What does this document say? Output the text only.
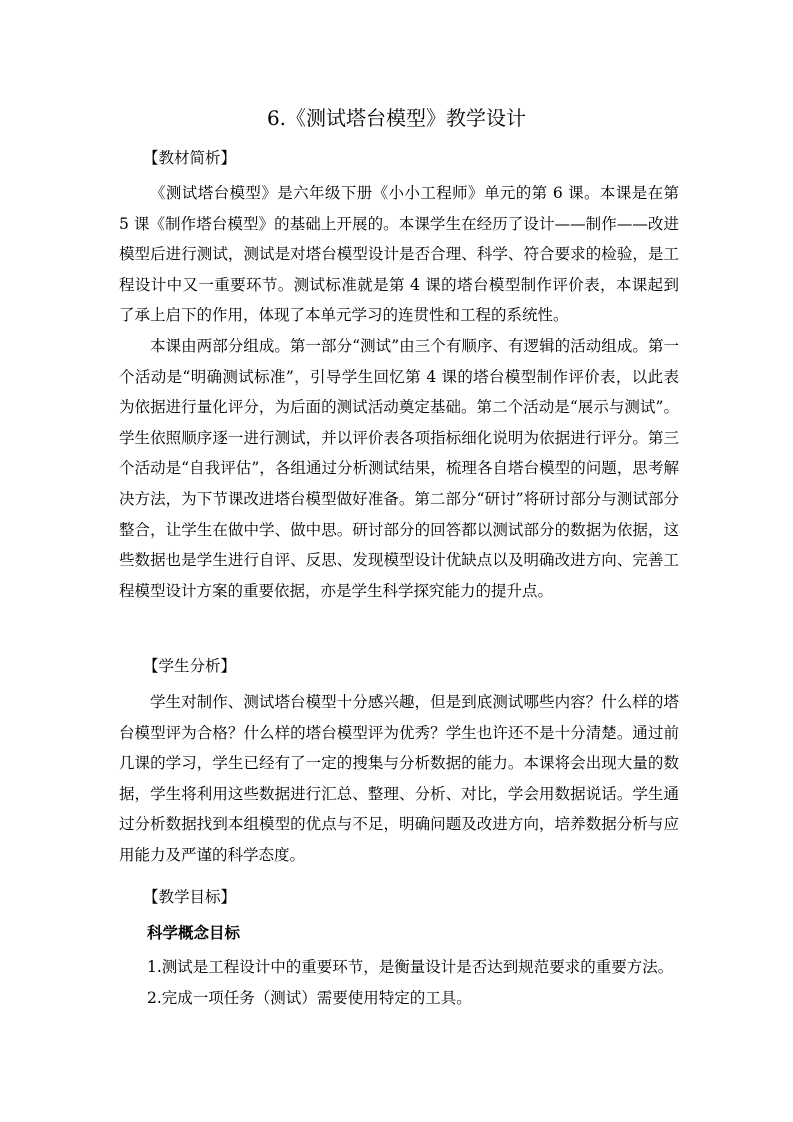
6.《测试塔台模型》教学设计
【教材简析】

《测试塔台模型》是六年级下册《小小工程师》单元的第 6 课。本课是在第 5 课《制作塔台模型》的基础上开展的。本课学生在经历了设计——制作——改进模型后进行测试，测试是对塔台模型设计是否合理、科学、符合要求的检验，是工程设计中又一重要环节。测试标准就是第 4 课的塔台模型制作评价表，本课起到了承上启下的作用，体现了本单元学习的连贯性和工程的系统性。

本课由两部分组成。第一部分“测试”由三个有顺序、有逻辑的活动组成。第一个活动是“明确测试标准”，引导学生回忆第 4 课的塔台模型制作评价表，以此表为依据进行量化评分，为后面的测试活动奠定基础。第二个活动是“展示与测试”。学生依照顺序逐一进行测试，并以评价表各项指标细化说明为依据进行评分。第三个活动是“自我评估”，各组通过分析测试结果，梳理各自塔台模型的问题，思考解决方法，为下节课改进塔台模型做好准备。第二部分“研讨”将研讨部分与测试部分整合，让学生在做中学、做中思。研讨部分的回答都以测试部分的数据为依据，这些数据也是学生进行自评、反思、发现模型设计优缺点以及明确改进方向、完善工程模型设计方案的重要依据，亦是学生科学探究能力的提升点。

【学生分析】

学生对制作、测试塔台模型十分感兴趣，但是到底测试哪些内容？什么样的塔台模型评为合格？什么样的塔台模型评为优秀？学生也许还不是十分清楚。通过前几课的学习，学生已经有了一定的搜集与分析数据的能力。本课将会出现大量的数据，学生将利用这些数据进行汇总、整理、分析、对比，学会用数据说话。学生通过分析数据找到本组模型的优点与不足，明确问题及改进方向，培养数据分析与应用能力及严谨的科学态度。

【教学目标】
科学概念目标
1.测试是工程设计中的重要环节，是衡量设计是否达到规范要求的重要方法。
2.完成一项任务（测试）需要使用特定的工具。
